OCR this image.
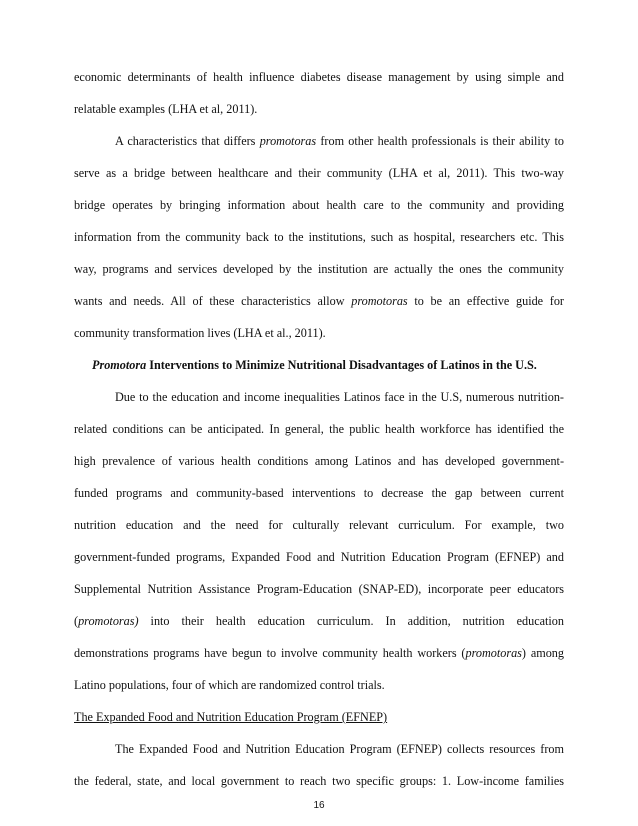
economic determinants of health influence diabetes disease management by using simple and
relatable examples (LHA et al, 2011).
A characteristics that differs promotoras from other health professionals is their ability to
serve as a bridge between healthcare and their community (LHA et al, 2011). This two-way
bridge operates by bringing information about health care to the community and providing
information from the community back to the institutions, such as hospital, researchers etc. This
way, programs and services developed by the institution are actually the ones the community
wants and needs. All of these characteristics allow promotoras to be an effective guide for
community transformation lives (LHA et al., 2011).
Promotora Interventions to Minimize Nutritional Disadvantages of Latinos in the U.S.
Due to the education and income inequalities Latinos face in the U.S, numerous nutrition-
related conditions can be anticipated. In general, the public health workforce has identified the
high prevalence of various health conditions among Latinos and has developed government-
funded programs and community-based interventions to decrease the gap between current
nutrition education and the need for culturally relevant curriculum. For example, two
government-funded programs, Expanded Food and Nutrition Education Program (EFNEP) and
Supplemental Nutrition Assistance Program-Education (SNAP-ED), incorporate peer educators
(promotoras) into their health education curriculum. In addition, nutrition education
demonstrations programs have begun to involve community health workers (promotoras) among
Latino populations, four of which are randomized control trials.
The Expanded Food and Nutrition Education Program (EFNEP)
The Expanded Food and Nutrition Education Program (EFNEP) collects resources from
the federal, state, and local government to reach two specific groups: 1. Low-income families
16
